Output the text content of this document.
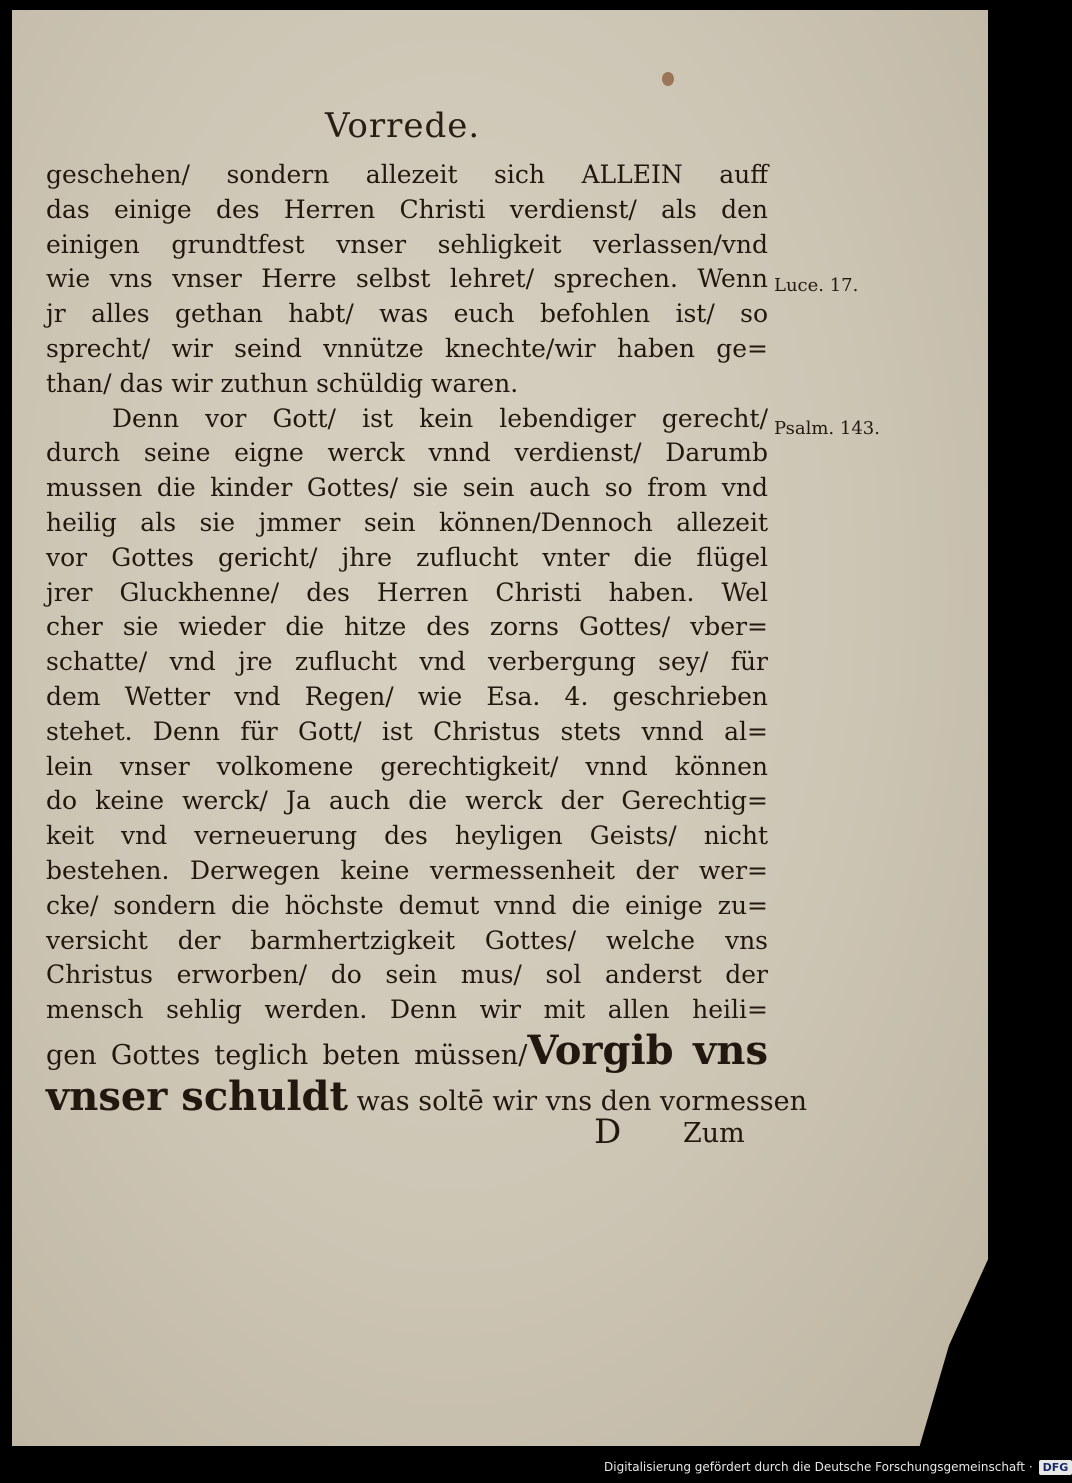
Vorrede.
geschehen/ sondern allezeit sich ALLEIN auff
das einige des Herren Christi verdienst/ als den
einigen grundtfest vnser sehligkeit verlassen/vnd
wie vns vnser Herre selbst lehret/ sprechen. Wenn
jr alles gethan habt/ was euch befohlen ist/ so
sprecht/ wir seind vnnütze knechte/wir haben ge=
than/ das wir zuthun schüldig waren.
Denn vor Gott/ ist kein lebendiger gerecht/
durch seine eigne werck vnnd verdienst/ Darumb
mussen die kinder Gottes/ sie sein auch so from vnd
heilig als sie jmmer sein können/Dennoch allezeit
vor Gottes gericht/ jhre zuflucht vnter die flügel
jrer Gluckhenne/ des Herren Christi haben. Wel
cher sie wieder die hitze des zorns Gottes/ vber=
schatte/ vnd jre zuflucht vnd verbergung sey/ für
dem Wetter vnd Regen/ wie Esa. 4. geschrieben
stehet. Denn für Gott/ ist Christus stets vnnd al=
lein vnser volkomene gerechtigkeit/ vnnd können
do keine werck/ Ja auch die werck der Gerechtig=
keit vnd verneuerung des heyligen Geists/ nicht
bestehen. Derwegen keine vermessenheit der wer=
cke/ sondern die höchste demut vnnd die einige zu=
versicht der barmhertzigkeit Gottes/ welche vns
Christus erworben/ do sein mus/ sol anderst der
mensch sehlig werden. Denn wir mit allen heili=
gen Gottes teglich beten müssen/Vorgib vns
vnser schuldt was soltē wir vns den vormessen
Luce. 17.
Psalm. 143.
D Zum
Digitalisierung gefördert durch die Deutsche Forschungsgemeinschaft · DFG
